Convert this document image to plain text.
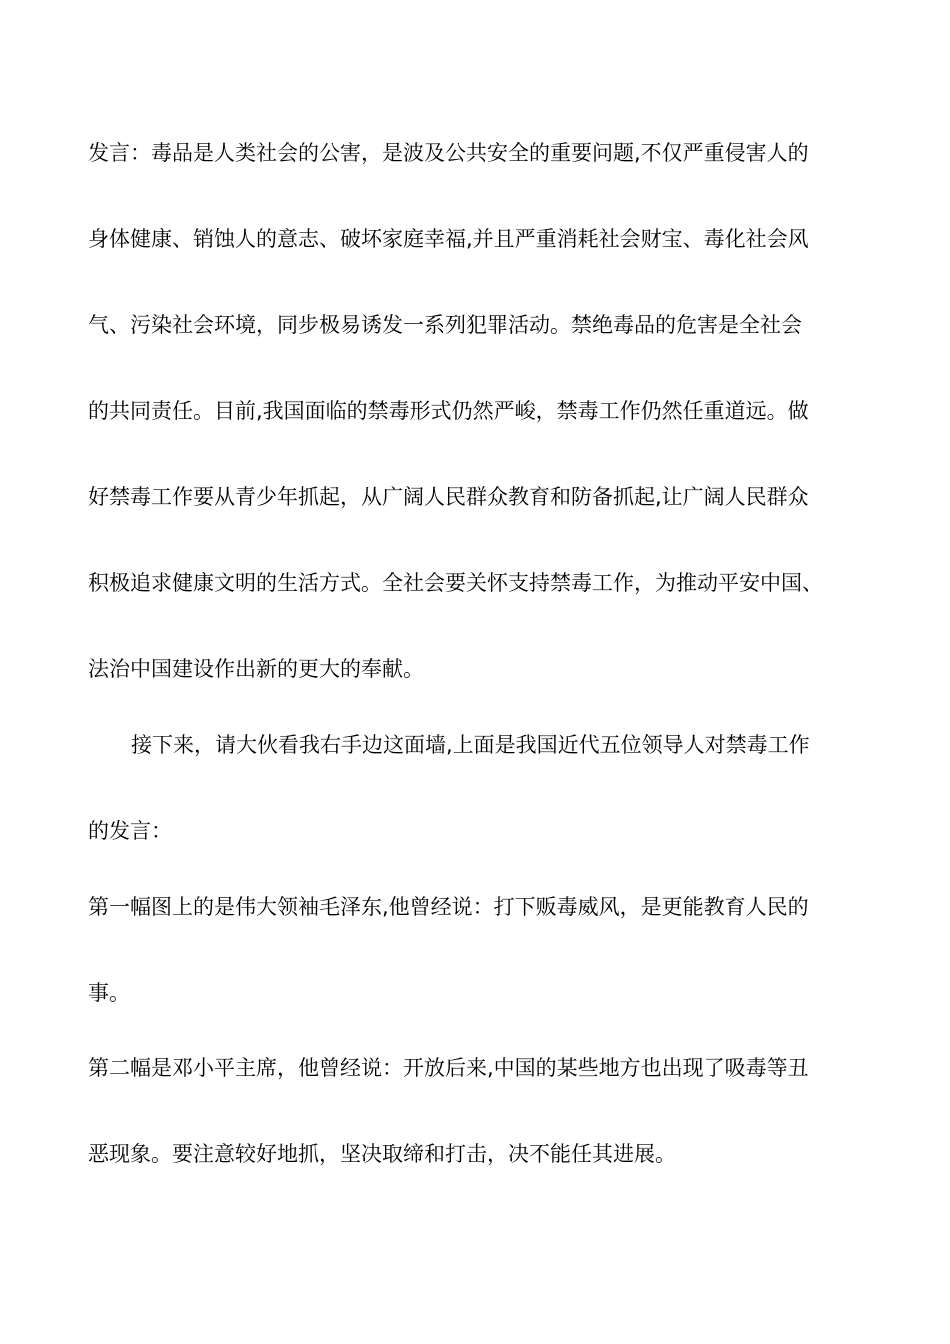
发言：毒品是人类社会的公害，是波及公共安全的重要问题,不仅严重侵害人的
身体健康、销蚀人的意志、破坏家庭幸福,并且严重消耗社会财宝、毒化社会风
气、污染社会环境，同步极易诱发一系列犯罪活动。禁绝毒品的危害是全社会
的共同责任。目前,我国面临的禁毒形式仍然严峻，禁毒工作仍然任重道远。做
好禁毒工作要从青少年抓起，从广阔人民群众教育和防备抓起,让广阔人民群众
积极追求健康文明的生活方式。全社会要关怀支持禁毒工作，为推动平安中国、
法治中国建设作出新的更大的奉献。
接下来，请大伙看我右手边这面墙,上面是我国近代五位领导人对禁毒工作
的发言：
第一幅图上的是伟大领袖毛泽东,他曾经说：打下贩毒威风，是更能教育人民的
事。
第二幅是邓小平主席，他曾经说：开放后来,中国的某些地方也出现了吸毒等丑
恶现象。要注意较好地抓，坚决取缔和打击，决不能任其进展。
